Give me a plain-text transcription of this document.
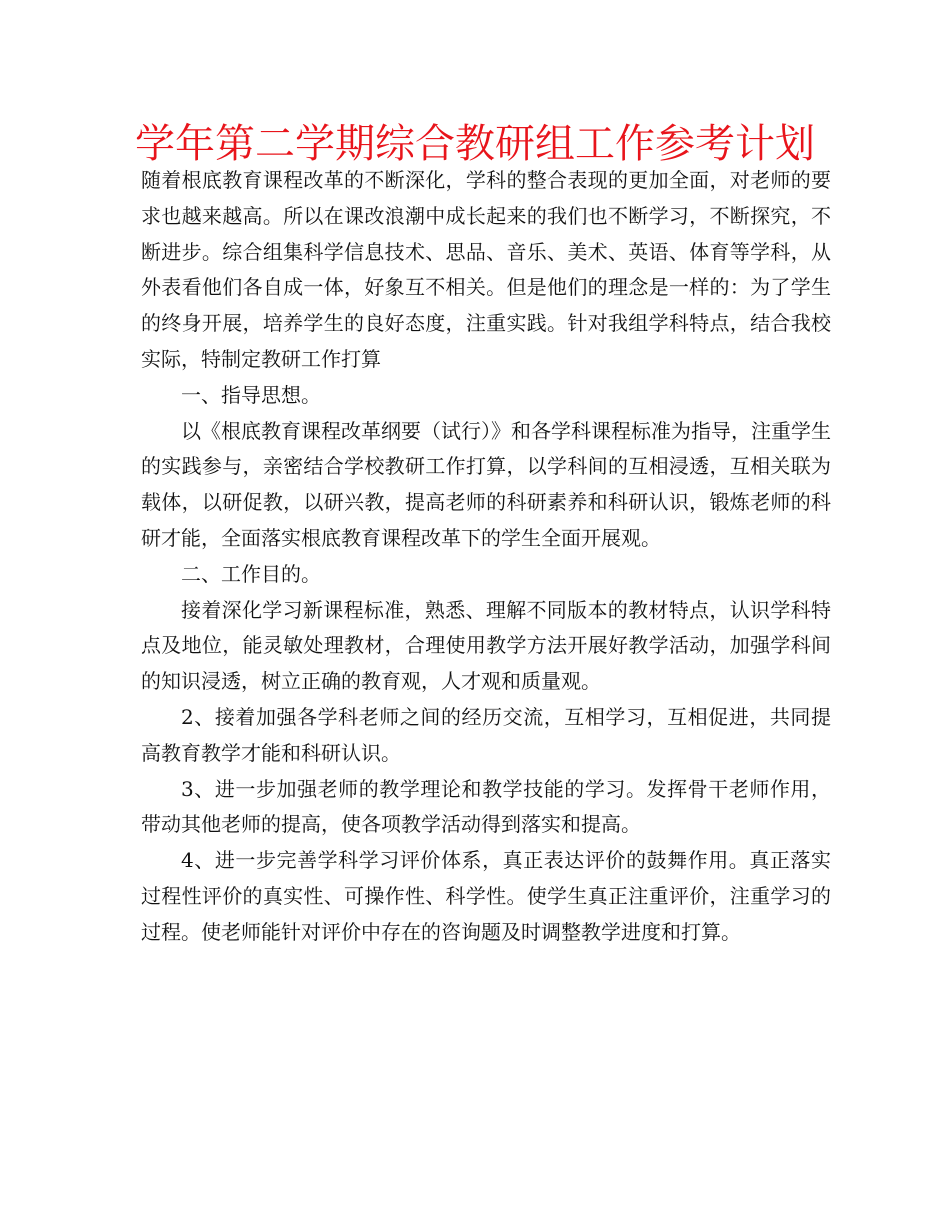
学年第二学期综合教研组工作参考计划

随着根底教育课程改革的不断深化，学科的整合表现的更加全面，对老师的要求也越来越高。所以在课改浪潮中成长起来的我们也不断学习，不断探究，不断进步。综合组集科学信息技术、思品、音乐、美术、英语、体育等学科，从外表看他们各自成一体，好象互不相关。但是他们的理念是一样的：为了学生的终身开展，培养学生的良好态度，注重实践。针对我组学科特点，结合我校实际，特制定教研工作打算

一、指导思想。

以《根底教育课程改革纲要（试行）》和各学科课程标准为指导，注重学生的实践参与，亲密结合学校教研工作打算，以学科间的互相浸透，互相关联为载体，以研促教，以研兴教，提高老师的科研素养和科研认识，锻炼老师的科研才能，全面落实根底教育课程改革下的学生全面开展观。

二、工作目的。

接着深化学习新课程标准，熟悉、理解不同版本的教材特点，认识学科特点及地位，能灵敏处理教材，合理使用教学方法开展好教学活动，加强学科间的知识浸透，树立正确的教育观，人才观和质量观。

2、接着加强各学科老师之间的经历交流，互相学习，互相促进，共同提高教育教学才能和科研认识。

3、进一步加强老师的教学理论和教学技能的学习。发挥骨干老师作用，带动其他老师的提高，使各项教学活动得到落实和提高。

4、进一步完善学科学习评价体系，真正表达评价的鼓舞作用。真正落实过程性评价的真实性、可操作性、科学性。使学生真正注重评价，注重学习的过程。使老师能针对评价中存在的咨询题及时调整教学进度和打算。
